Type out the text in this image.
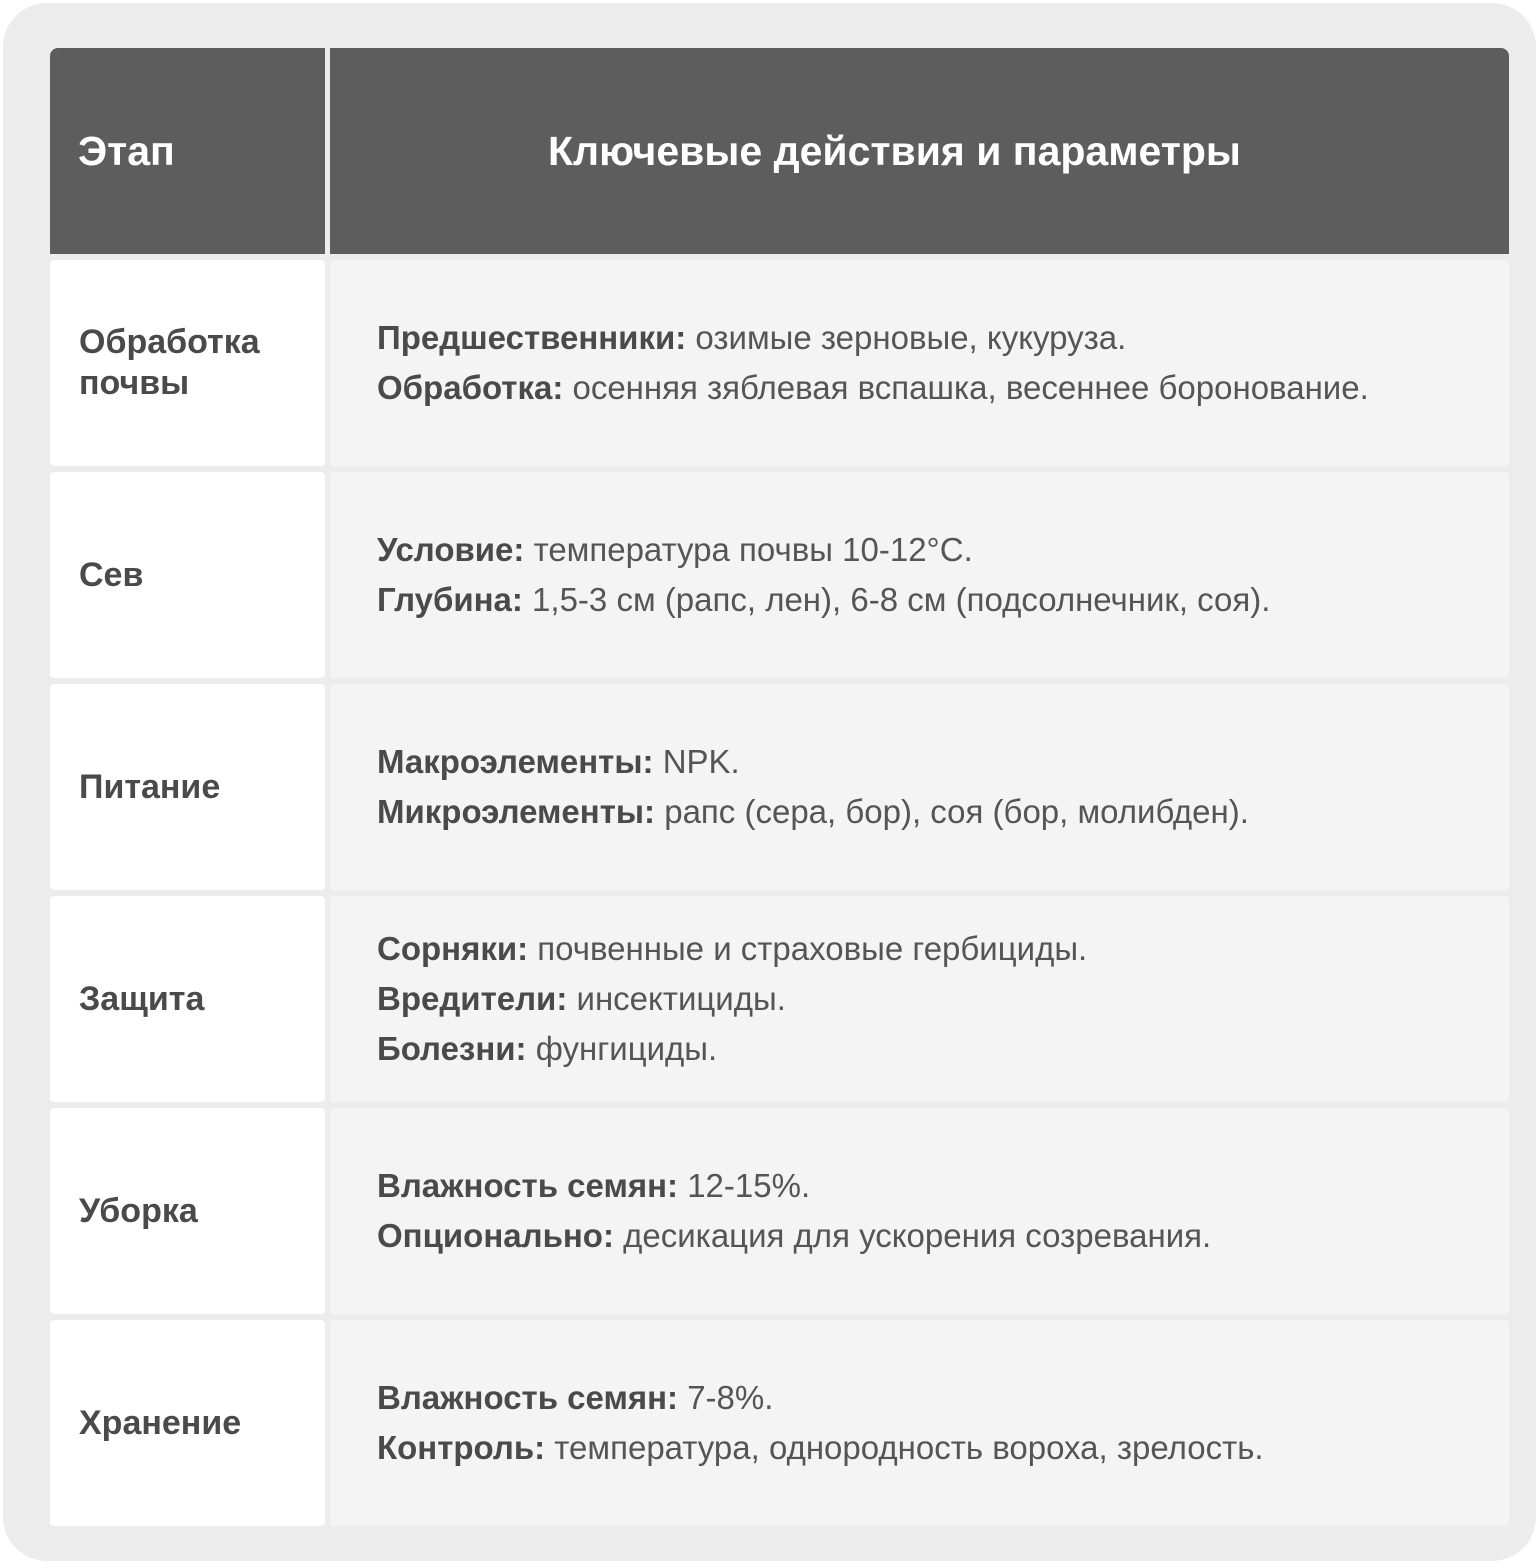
Этап	Ключевые действия и параметры
Обработка почвы
Предшественники: озимые зерновые, кукуруза.
Обработка: осенняя зяблевая вспашка, весеннее боронование.
Сев
Условие: температура почвы 10-12°C.
Глубина: 1,5-3 см (рапс, лен), 6-8 см (подсолнечник, соя).
Питание
Макроэлементы: NPK.
Микроэлементы: рапс (сера, бор), соя (бор, молибден).
Защита
Сорняки: почвенные и страховые гербициды.
Вредители: инсектициды.
Болезни: фунгициды.
Уборка
Влажность семян: 12-15%.
Опционально: десикация для ускорения созревания.
Хранение
Влажность семян: 7-8%.
Контроль: температура, однородность вороха, зрелость.
